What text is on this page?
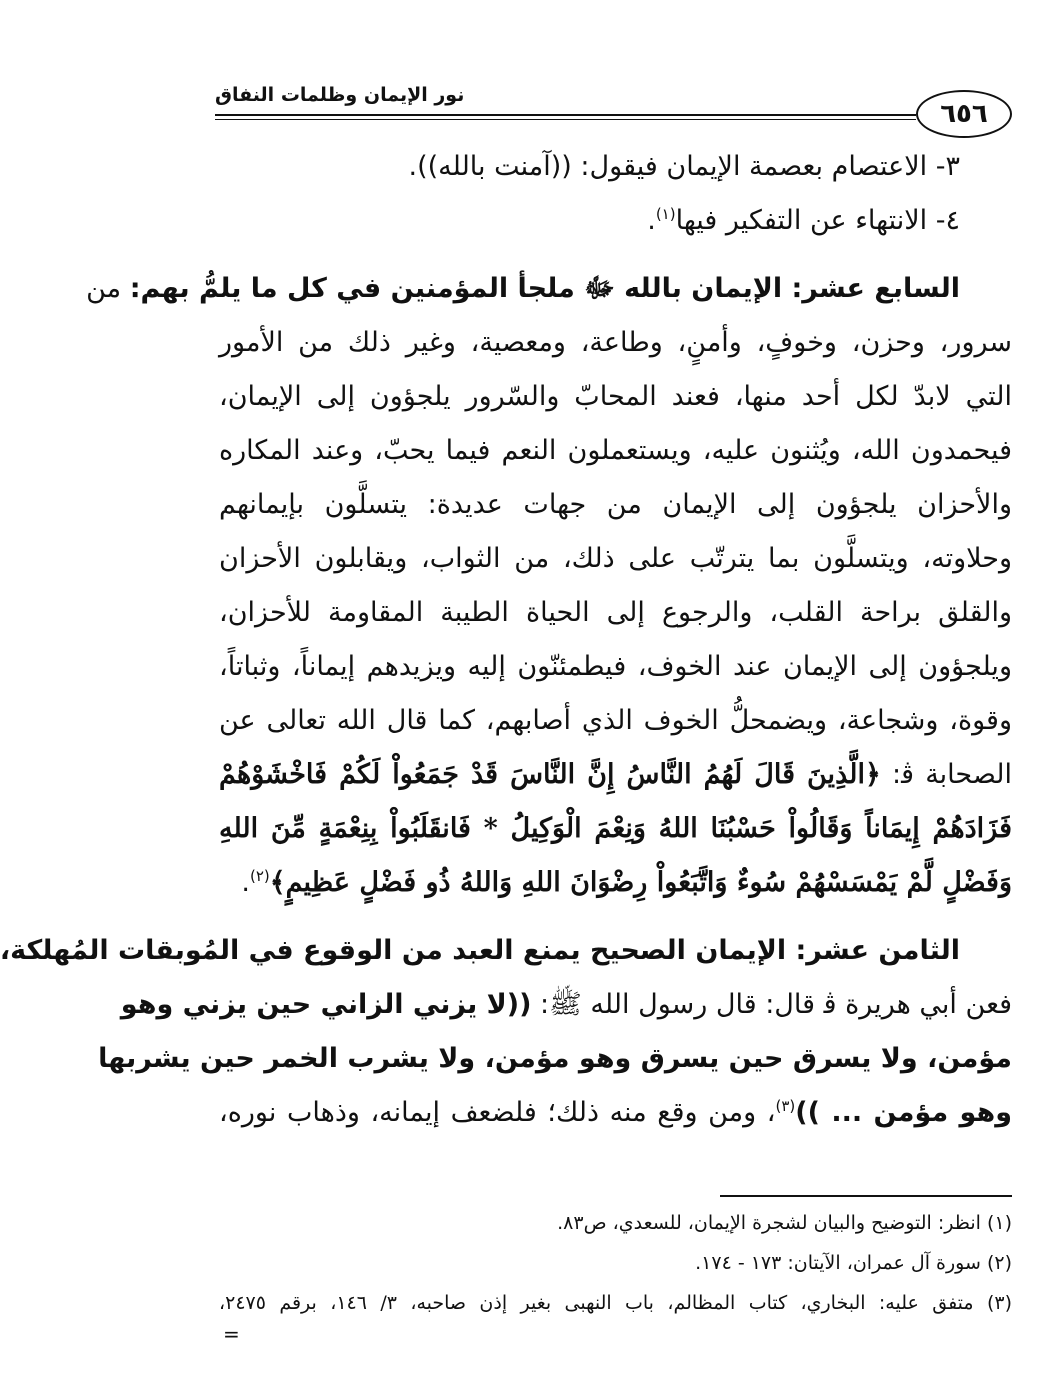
نور الإيمان وظلمات النفاق
٦٥٦
٣- الاعتصام بعصمة الإيمان فيقول: ((آمنت بالله)).
٤- الانتهاء عن التفكير فيها$^{(١)}$.
السابع عشر: الإيمان بالله ﷻ ملجأ المؤمنين في كل ما يلمُّ بهم: من
سرور، وحزن، وخوفٍ، وأمنٍ، وطاعة، ومعصية، وغير ذلك من الأمور
التي لابدّ لكل أحد منها، فعند المحابّ والسّرور يلجؤون إلى الإيمان،
فيحمدون الله، ويُثنون عليه، ويستعملون النعم فيما يحبّ، وعند المكاره
والأحزان يلجؤون إلى الإيمان من جهات عديدة: يتسلَّون بإيمانهم
وحلاوته، ويتسلَّون بما يترتّب على ذلك، من الثواب، ويقابلون الأحزان
والقلق براحة القلب، والرجوع إلى الحياة الطيبة المقاومة للأحزان،
ويلجؤون إلى الإيمان عند الخوف، فيطمئنّون إليه ويزيدهم إيماناً، وثباتاً،
وقوة، وشجاعة، ويضمحلُّ الخوف الذي أصابهم، كما قال الله تعالى عن
الصحابة ﭬ: ﴿الَّذِينَ قَالَ لَهُمُ النَّاسُ إِنَّ النَّاسَ قَدْ جَمَعُواْ لَكُمْ فَاخْشَوْهُمْ
فَزَادَهُمْ إِيمَاناً وَقَالُواْ حَسْبُنَا اللهُ وَنِعْمَ الْوَكِيلُ * فَانقَلَبُواْ بِنِعْمَةٍ مِّنَ اللهِ
وَفَضْلٍ لَّمْ يَمْسَسْهُمْ سُوءٌ وَاتَّبَعُواْ رِضْوَانَ اللهِ وَاللهُ ذُو فَضْلٍ عَظِيمٍ﴾$^{(٢)}$.
الثامن عشر: الإيمان الصحيح يمنع العبد من الوقوع في المُوبقات المُهلكة،
فعن أبي هريرة ﭬ قال: قال رسول الله ﷺ: ((لا يزني الزاني حين يزني وهو
مؤمن، ولا يسرق حين يسرق وهو مؤمن، ولا يشرب الخمر حين يشربها
وهو مؤمن ... ))$^{(٣)}$، ومن وقع منه ذلك؛ فلضعف إيمانه، وذهاب نوره،
(١) انظر: التوضيح والبيان لشجرة الإيمان، للسعدي، ص٨٣.
(٢) سورة آل عمران، الآيتان: ١٧٣ - ١٧٤.
(٣) متفق عليه: البخاري، كتاب المظالم، باب النهبى بغير إذن صاحبه، ٣/ ١٤٦، برقم ٢٤٧٥،
=
